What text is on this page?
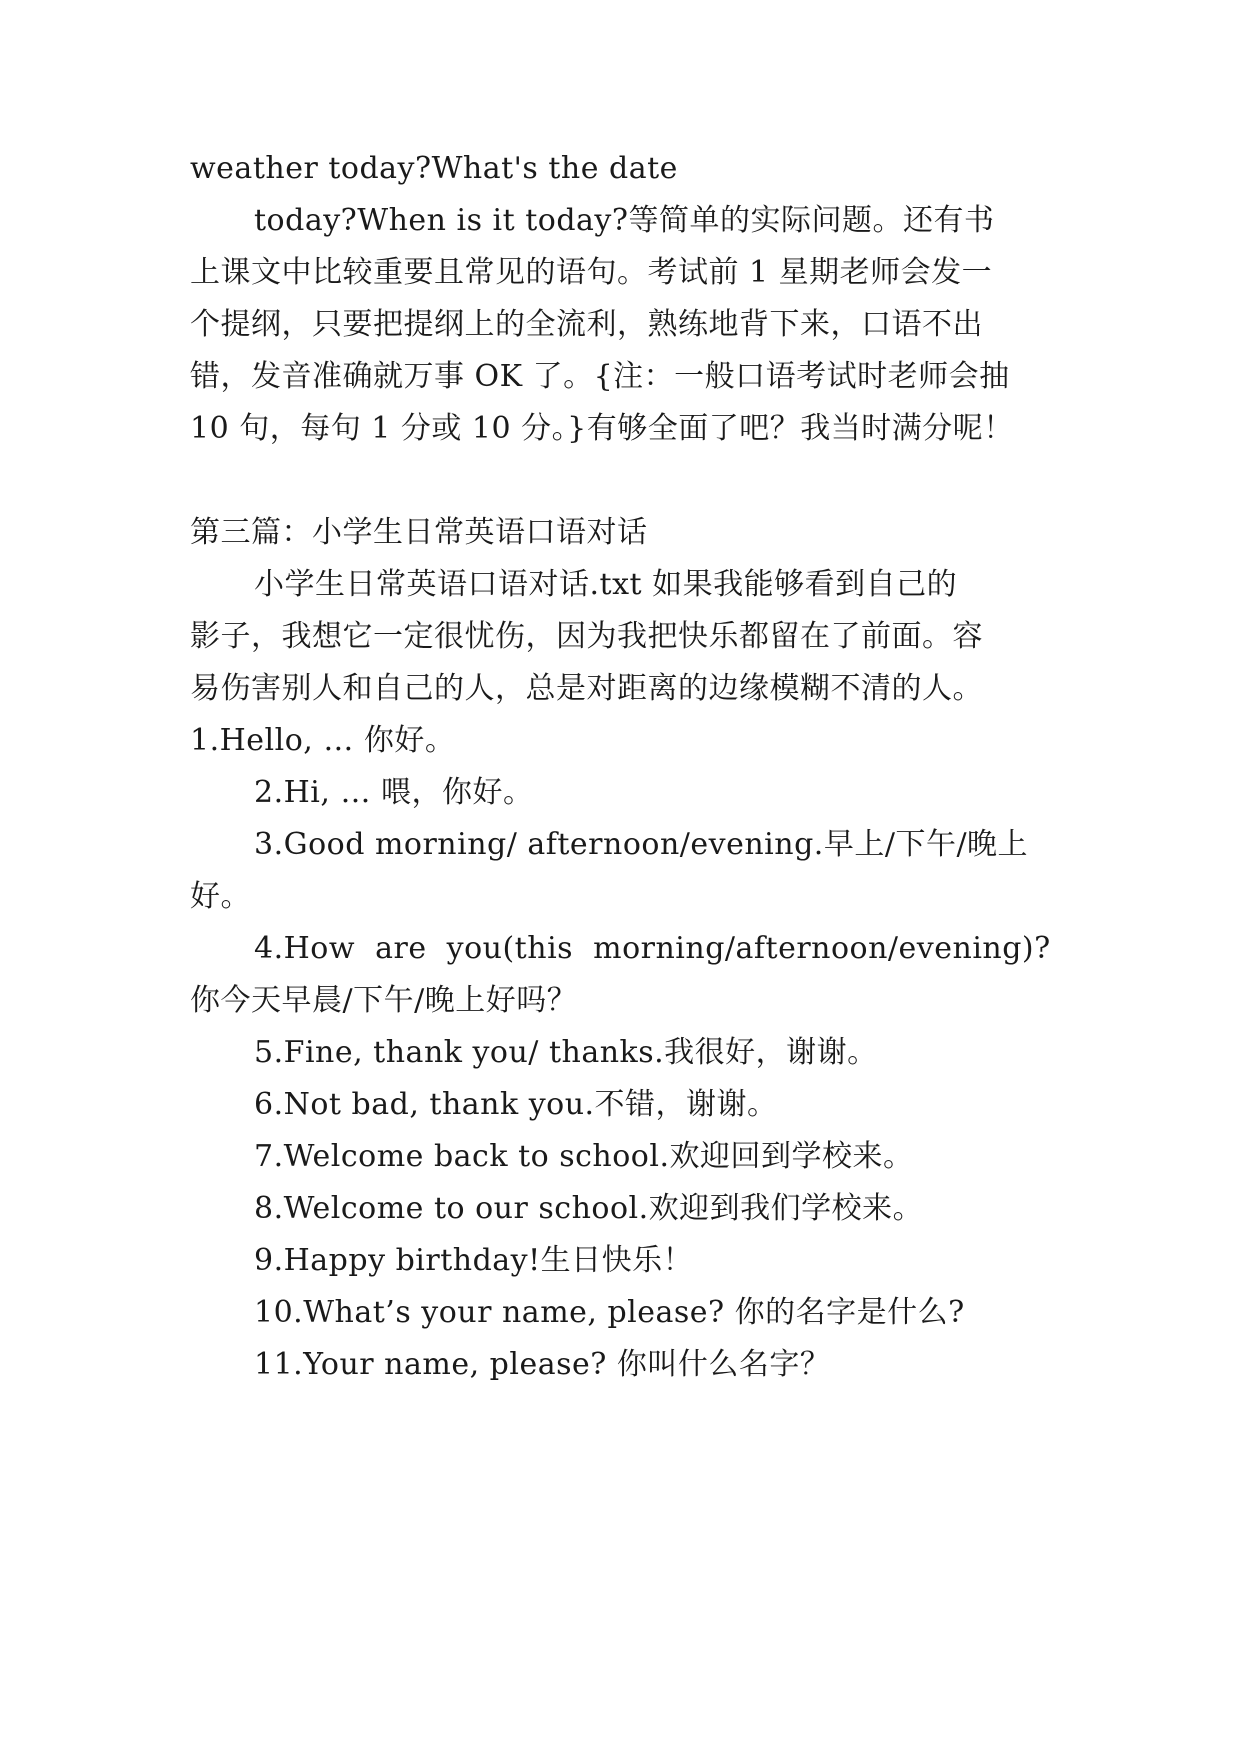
weather today?What's the date
today?When is it today?等简单的实际问题。还有书
上课文中比较重要且常见的语句。考试前 1 星期老师会发一
个提纲，只要把提纲上的全流利，熟练地背下来，口语不出
错，发音准确就万事 OK 了。{注：一般口语考试时老师会抽
10 句，每句 1 分或 10 分。}有够全面了吧？我当时满分呢！
第三篇：小学生日常英语口语对话
小学生日常英语口语对话.txt 如果我能够看到自己的
影子，我想它一定很忧伤，因为我把快乐都留在了前面。容
易伤害别人和自己的人，总是对距离的边缘模糊不清的人。
1.Hello, … 你好。
2.Hi, … 喂，你好。
3.Good morning/ afternoon/evening.早上/下午/晚上
好。
4.How  are  you(this  morning/afternoon/evening)?
你今天早晨/下午/晚上好吗？
5.Fine, thank you/ thanks.我很好，谢谢。
6.Not bad, thank you.不错，谢谢。
7.Welcome back to school.欢迎回到学校来。
8.Welcome to our school.欢迎到我们学校来。
9.Happy birthday!生日快乐！
10.What’s your name, please? 你的名字是什么?
11.Your name, please? 你叫什么名字？
